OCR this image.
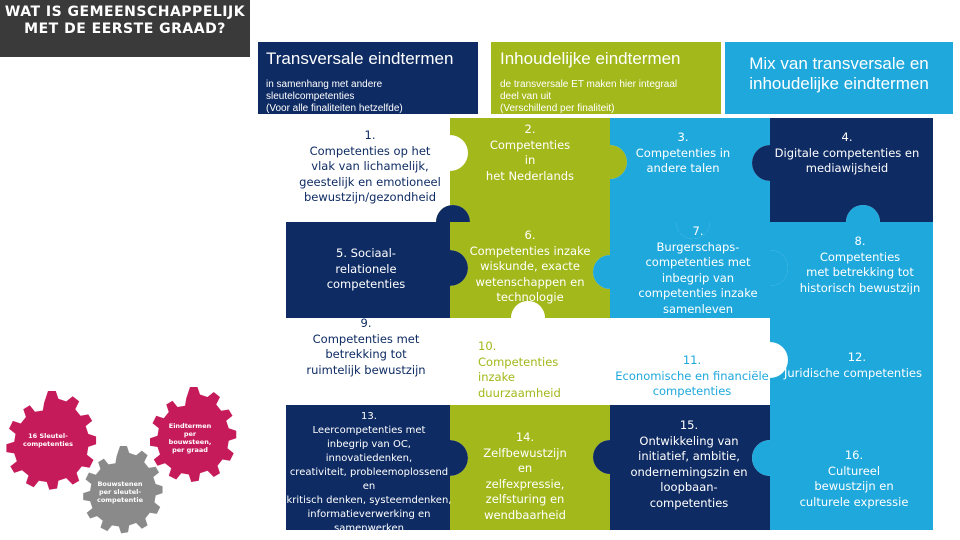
WAT IS GEMEENSCHAPPELIJK
MET DE EERSTE GRAAD?
Transversale eindtermen
in samenhang met andere
sleutelcompetenties
(Voor alle finaliteiten hetzelfde)
Inhoudelijke eindtermen
de transversale ET maken hier integraal
deel van uit
(Verschillend per finaliteit)
Mix van transversale en
inhoudelijke eindtermen
1.
Competenties op het
vlak van lichamelijk,
geestelijk en emotioneel
bewustzijn/gezondheid
2.
Competenties
in
het Nederlands
3.
Competenties in
andere talen
4.
Digitale competenties en
mediawijsheid
5. Sociaal-
relationele
competenties
6.
Competenties inzake
wiskunde, exacte
wetenschappen en
technologie
7.
Burgerschaps-
competenties met
inbegrip van
competenties inzake
samenleven
8.
Competenties
met betrekking tot
historisch bewustzijn
9.
Competenties met
betrekking tot
ruimtelijk bewustzijn
10.
Competenties
inzake
duurzaamheid
11.
Economische en financiële
competenties
12.
Juridische competenties
13.
Leercompetenties met
inbegrip van OC, innovatiedenken,
creativiteit, probleemoplossend en
kritisch denken, systeemdenken,
informatieverwerking en
samenwerken
14.
Zelfbewustzijn
en
zelfexpressie,
zelfsturing en
wendbaarheid
15.
Ontwikkeling van
initiatief, ambitie,
ondernemingszin en
loopbaan-
competenties
16.
Cultureel
bewustzijn en
culturele expressie
16 Sleutel-
competenties
Eindtermen
per
bouwsteen,
per graad
Bouwstenen
per sleutel-
competentie
